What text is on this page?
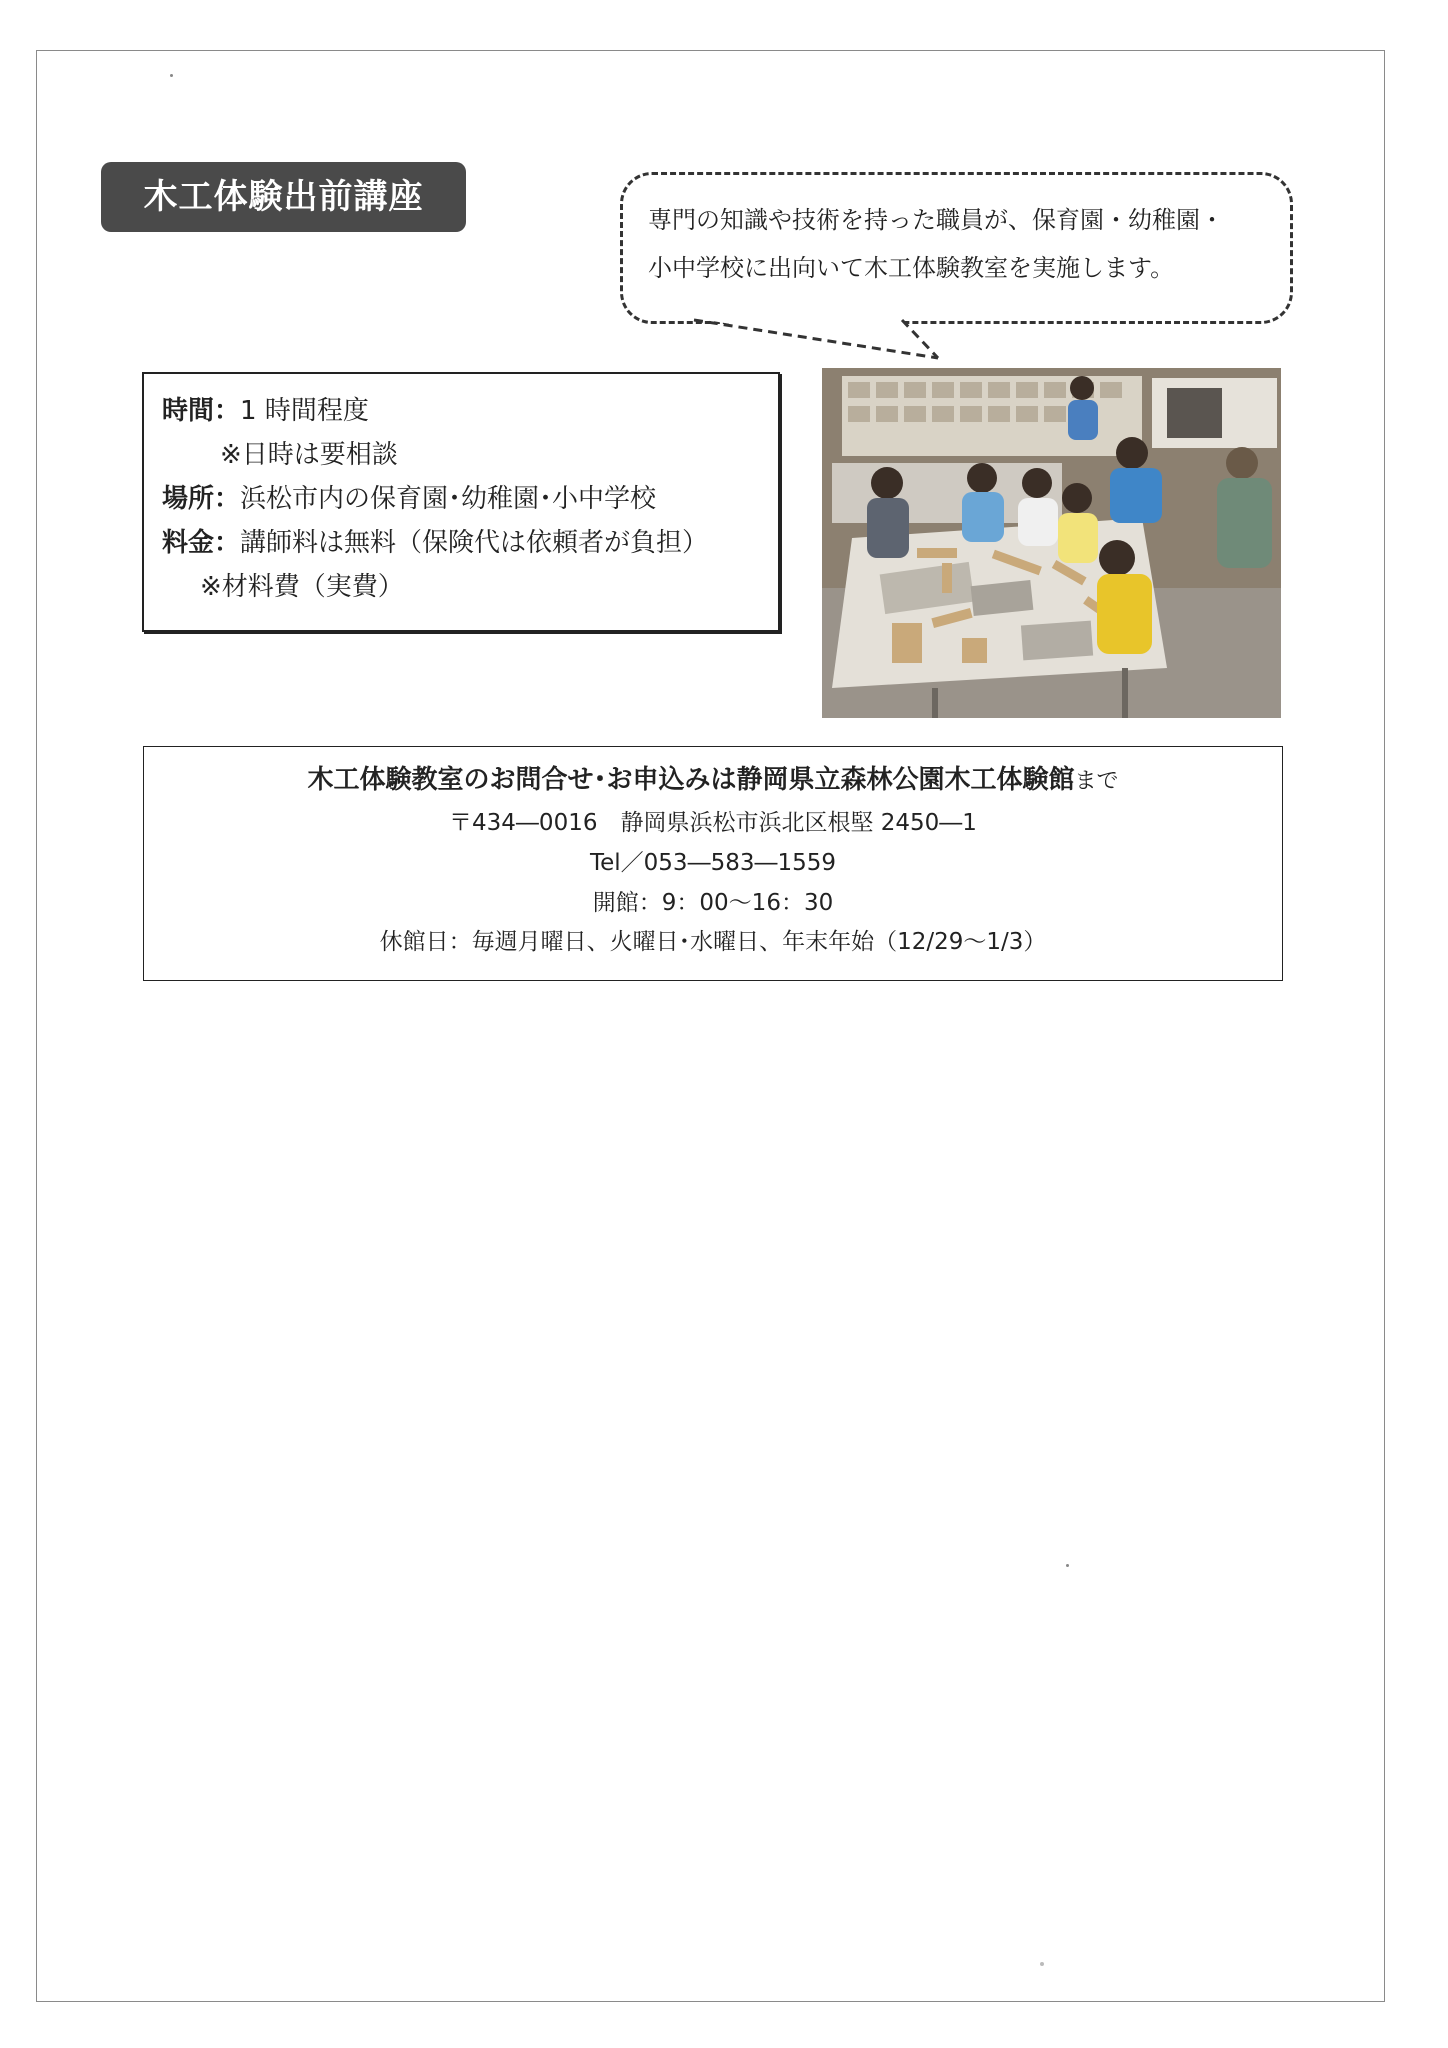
木工体験出前講座
専門の知識や技術を持った職員が、保育園・幼稚園・
小中学校に出向いて木工体験教室を実施します。
時間：1 時間程度
※日時は要相談
場所：浜松市内の保育園･幼稚園･小中学校
料金：講師料は無料（保険代は依頼者が負担）
※材料費（実費）
木工体験教室のお問合せ･お申込みは静岡県立森林公園木工体験館まで
〒434―0016　静岡県浜松市浜北区根堅 2450―1
Tel／053―583―1559
開館：9：00～16：30
休館日：毎週月曜日、火曜日･水曜日、年末年始（12/29～1/3）
